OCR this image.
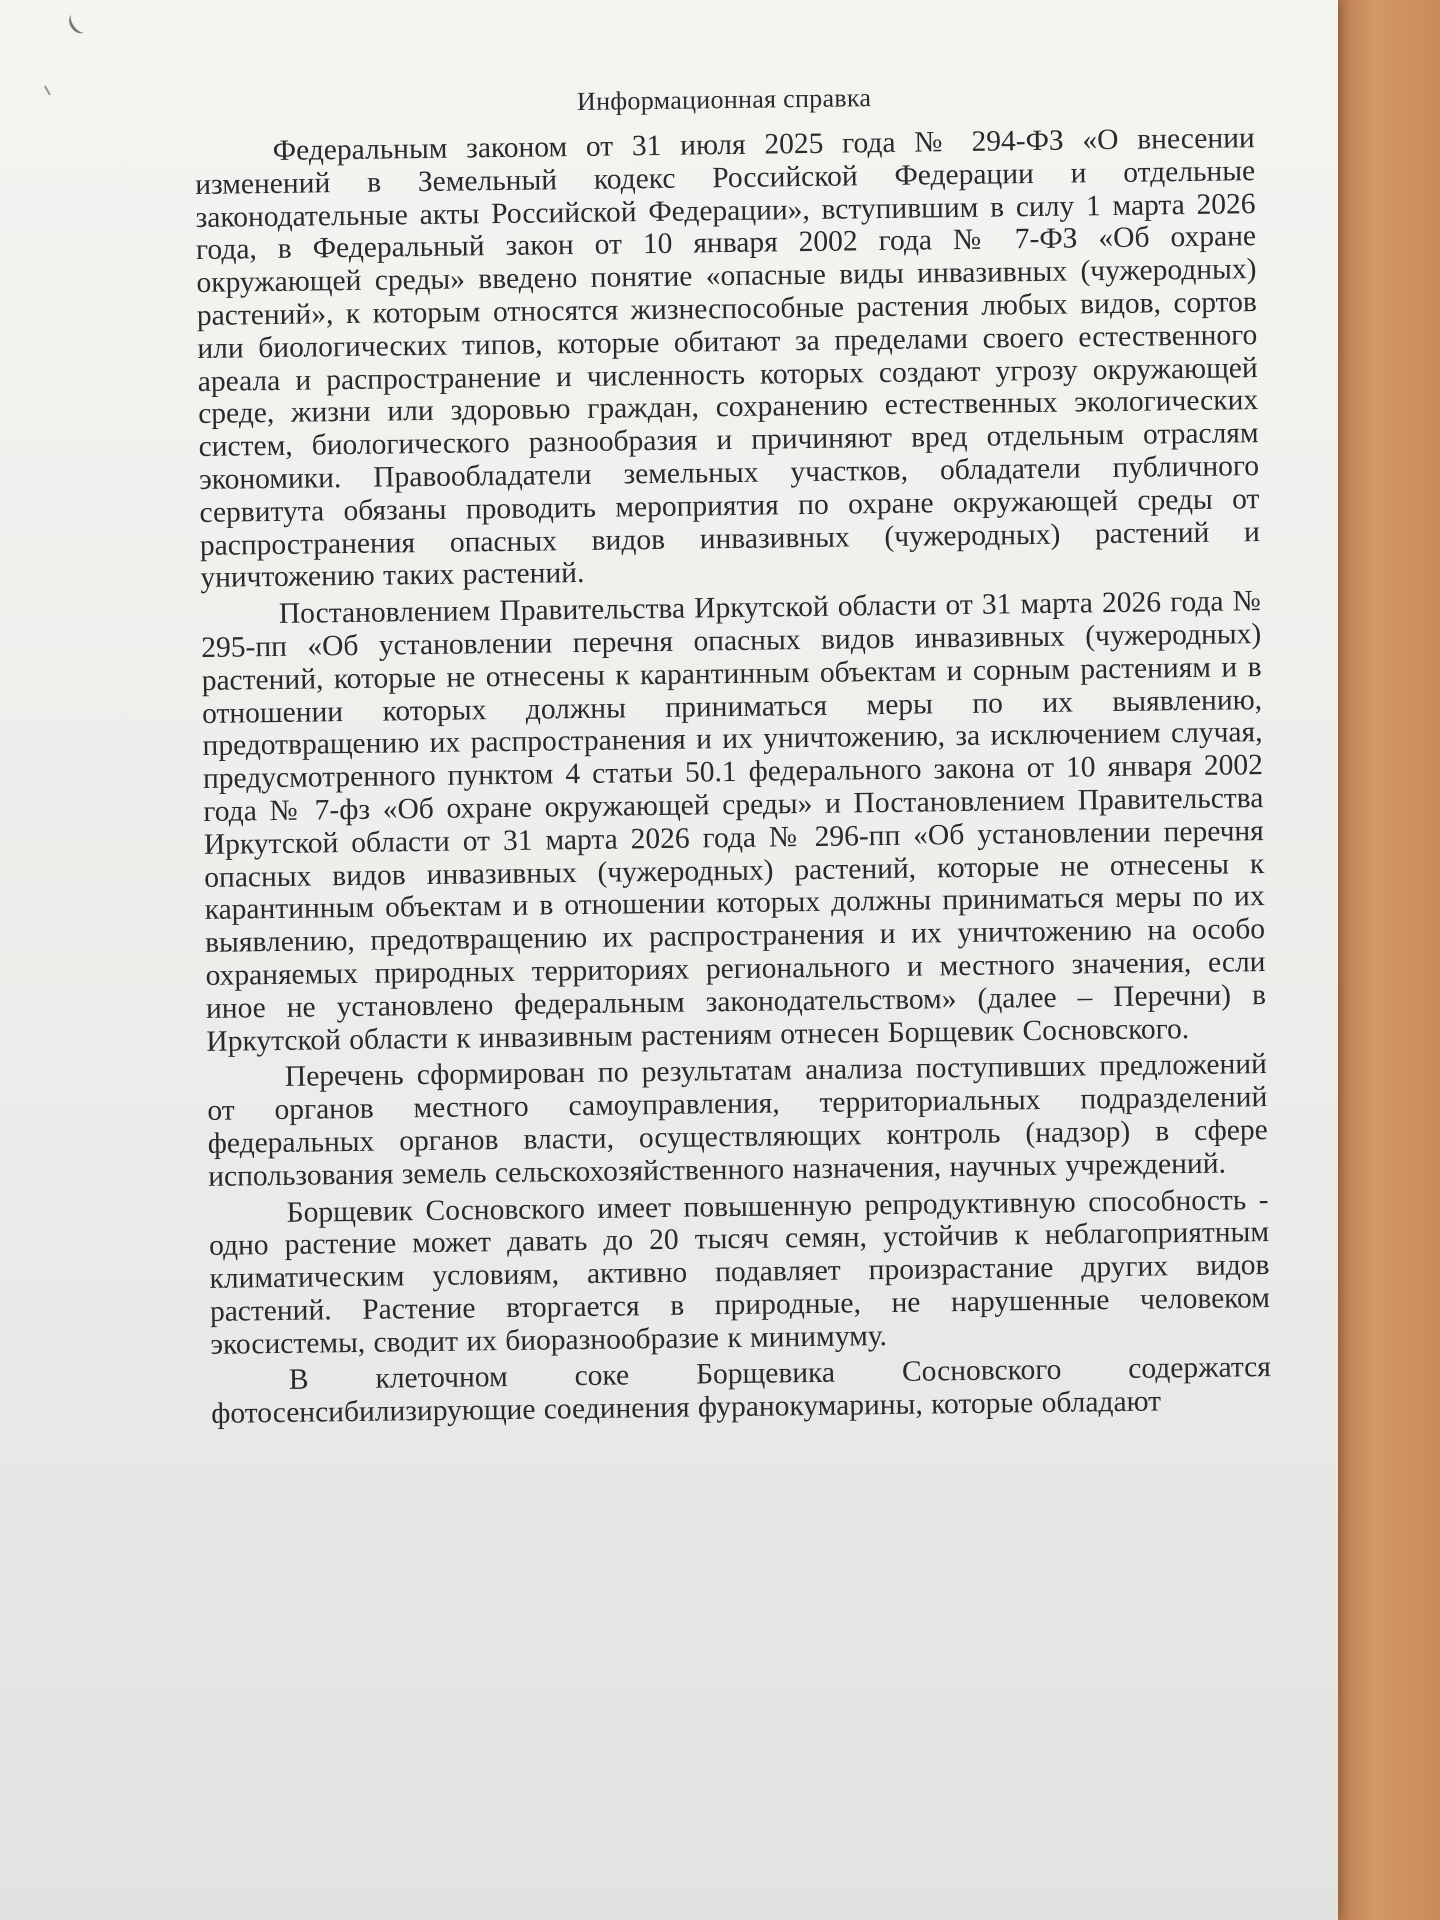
Информационная справка

Федеральным законом от 31 июля 2025 года № 294-ФЗ «О внесении изменений в Земельный кодекс Российской Федерации и отдельные законодательные акты Российской Федерации», вступившим в силу 1 марта 2026 года, в Федеральный закон от 10 января 2002 года № 7-ФЗ «Об охране окружающей среды» введено понятие «опасные виды инвазивных (чужеродных) растений», к которым относятся жизнеспособные растения любых видов, сортов или биологических типов, которые обитают за пределами своего естественного ареала и распространение и численность которых создают угрозу окружающей среде, жизни или здоровью граждан, сохранению естественных экологических систем, биологического разнообразия и причиняют вред отдельным отраслям экономики. Правообладатели земельных участков, обладатели публичного сервитута обязаны проводить мероприятия по охране окружающей среды от распространения опасных видов инвазивных (чужеродных) растений и уничтожению таких растений.

Постановлением Правительства Иркутской области от 31 марта 2026 года № 295-пп «Об установлении перечня опасных видов инвазивных (чужеродных) растений, которые не отнесены к карантинным объектам и сорным растениям и в отношении которых должны приниматься меры по их выявлению, предотвращению их распространения и их уничтожению, за исключением случая, предусмотренного пунктом 4 статьи 50.1 федерального закона от 10 января 2002 года № 7-фз «Об охране окружающей среды» и Постановлением Правительства Иркутской области от 31 марта 2026 года № 296-пп «Об установлении перечня опасных видов инвазивных (чужеродных) растений, которые не отнесены к карантинным объектам и в отношении которых должны приниматься меры по их выявлению, предотвращению их распространения и их уничтожению на особо охраняемых природных территориях регионального и местного значения, если иное не установлено федеральным законодательством» (далее – Перечни) в Иркутской области к инвазивным растениям отнесен Борщевик Сосновского.

Перечень сформирован по результатам анализа поступивших предложений от органов местного самоуправления, территориальных подразделений федеральных органов власти, осуществляющих контроль (надзор) в сфере использования земель сельскохозяйственного назначения, научных учреждений.

Борщевик Сосновского имеет повышенную репродуктивную способность - одно растение может давать до 20 тысяч семян, устойчив к неблагоприятным климатическим условиям, активно подавляет произрастание других видов растений. Растение вторгается в природные, не нарушенные человеком экосистемы, сводит их биоразнообразие к минимуму.

В клеточном соке Борщевика Сосновского содержатся фотосенсибилизирующие соединения фуранокумарины, которые обладают
